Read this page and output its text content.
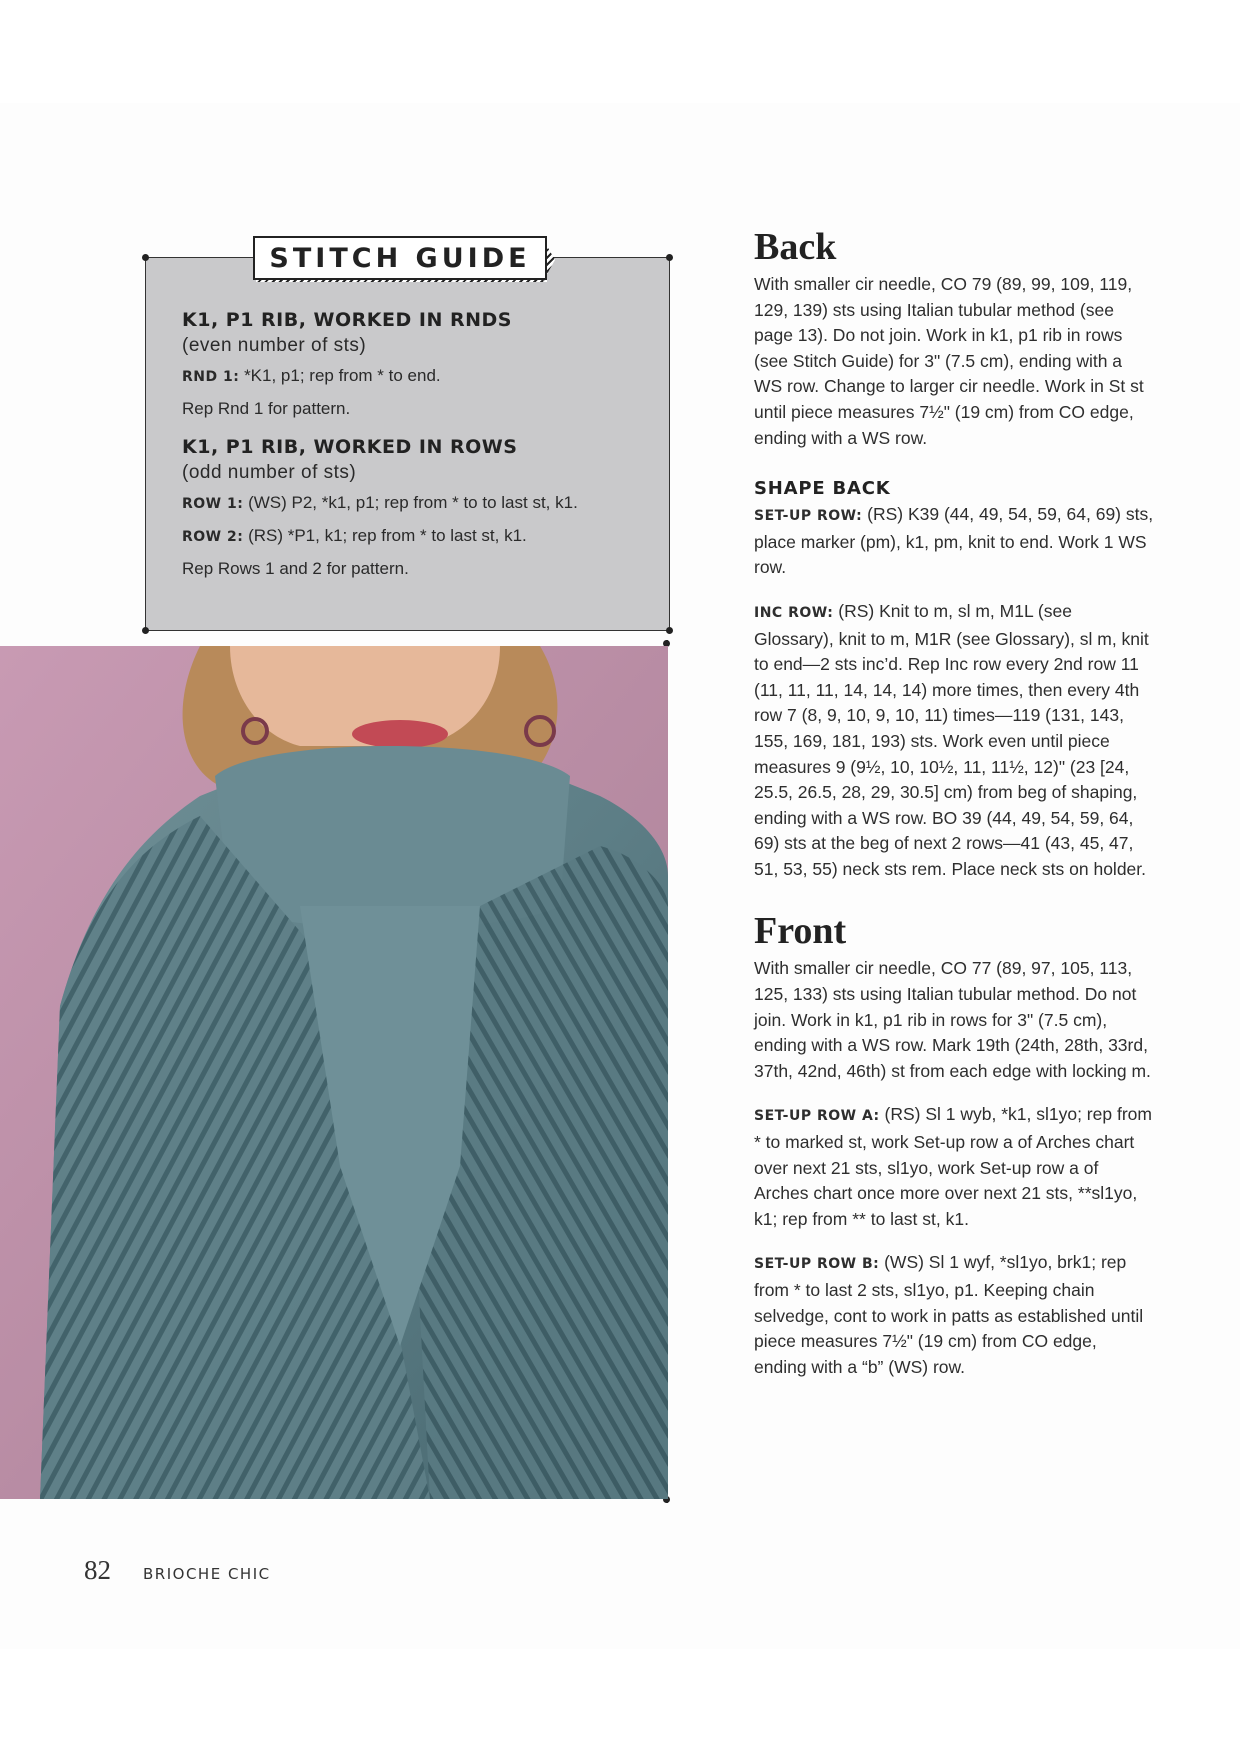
STITCH GUIDE

K1, P1 RIB, WORKED IN RNDS

(even number of sts)

RND 1: *K1, p1; rep from * to end.

Rep Rnd 1 for pattern.

K1, P1 RIB, WORKED IN ROWS

(odd number of sts)

ROW 1: (WS) P2, *k1, p1; rep from * to to last st, k1.

ROW 2: (RS) *P1, k1; rep from * to last st, k1.

Rep Rows 1 and 2 for pattern.

Back

With smaller cir needle, CO 79 (89, 99, 109, 119, 129, 139) sts using Italian tubular method (see page 13). Do not join. Work in k1, p1 rib in rows (see Stitch Guide) for 3" (7.5 cm), ending with a WS row. Change to larger cir needle. Work in St st until piece measures 7½" (19 cm) from CO edge, ending with a WS row.

SHAPE BACK

SET-UP ROW: (RS) K39 (44, 49, 54, 59, 64, 69) sts, place marker (pm), k1, pm, knit to end. Work 1 WS row.

INC ROW: (RS) Knit to m, sl m, M1L (see Glossary), knit to m, M1R (see Glossary), sl m, knit to end—2 sts inc’d. Rep Inc row every 2nd row 11 (11, 11, 11, 14, 14, 14) more times, then every 4th row 7 (8, 9, 10, 9, 10, 11) times—119 (131, 143, 155, 169, 181, 193) sts. Work even until piece measures 9 (9½, 10, 10½, 11, 11½, 12)" (23 [24, 25.5, 26.5, 28, 29, 30.5] cm) from beg of shaping, ending with a WS row. BO 39 (44, 49, 54, 59, 64, 69) sts at the beg of next 2 rows—41 (43, 45, 47, 51, 53, 55) neck sts rem. Place neck sts on holder.

Front

With smaller cir needle, CO 77 (89, 97, 105, 113, 125, 133) sts using Italian tubular method. Do not join. Work in k1, p1 rib in rows for 3" (7.5 cm), ending with a WS row. Mark 19th (24th, 28th, 33rd, 37th, 42nd, 46th) st from each edge with locking m.

SET-UP ROW A: (RS) Sl 1 wyb, *k1, sl1yo; rep from * to marked st, work Set-up row a of Arches chart over next 21 sts, sl1yo, work Set-up row a of Arches chart once more over next 21 sts, **sl1yo, k1; rep from ** to last st, k1.

SET-UP ROW B: (WS) Sl 1 wyf, *sl1yo, brk1; rep from * to last 2 sts, sl1yo, p1. Keeping chain selvedge, cont to work in patts as established until piece measures 7½" (19 cm) from CO edge, ending with a “b” (WS) row.

82 BRIOCHE CHIC
